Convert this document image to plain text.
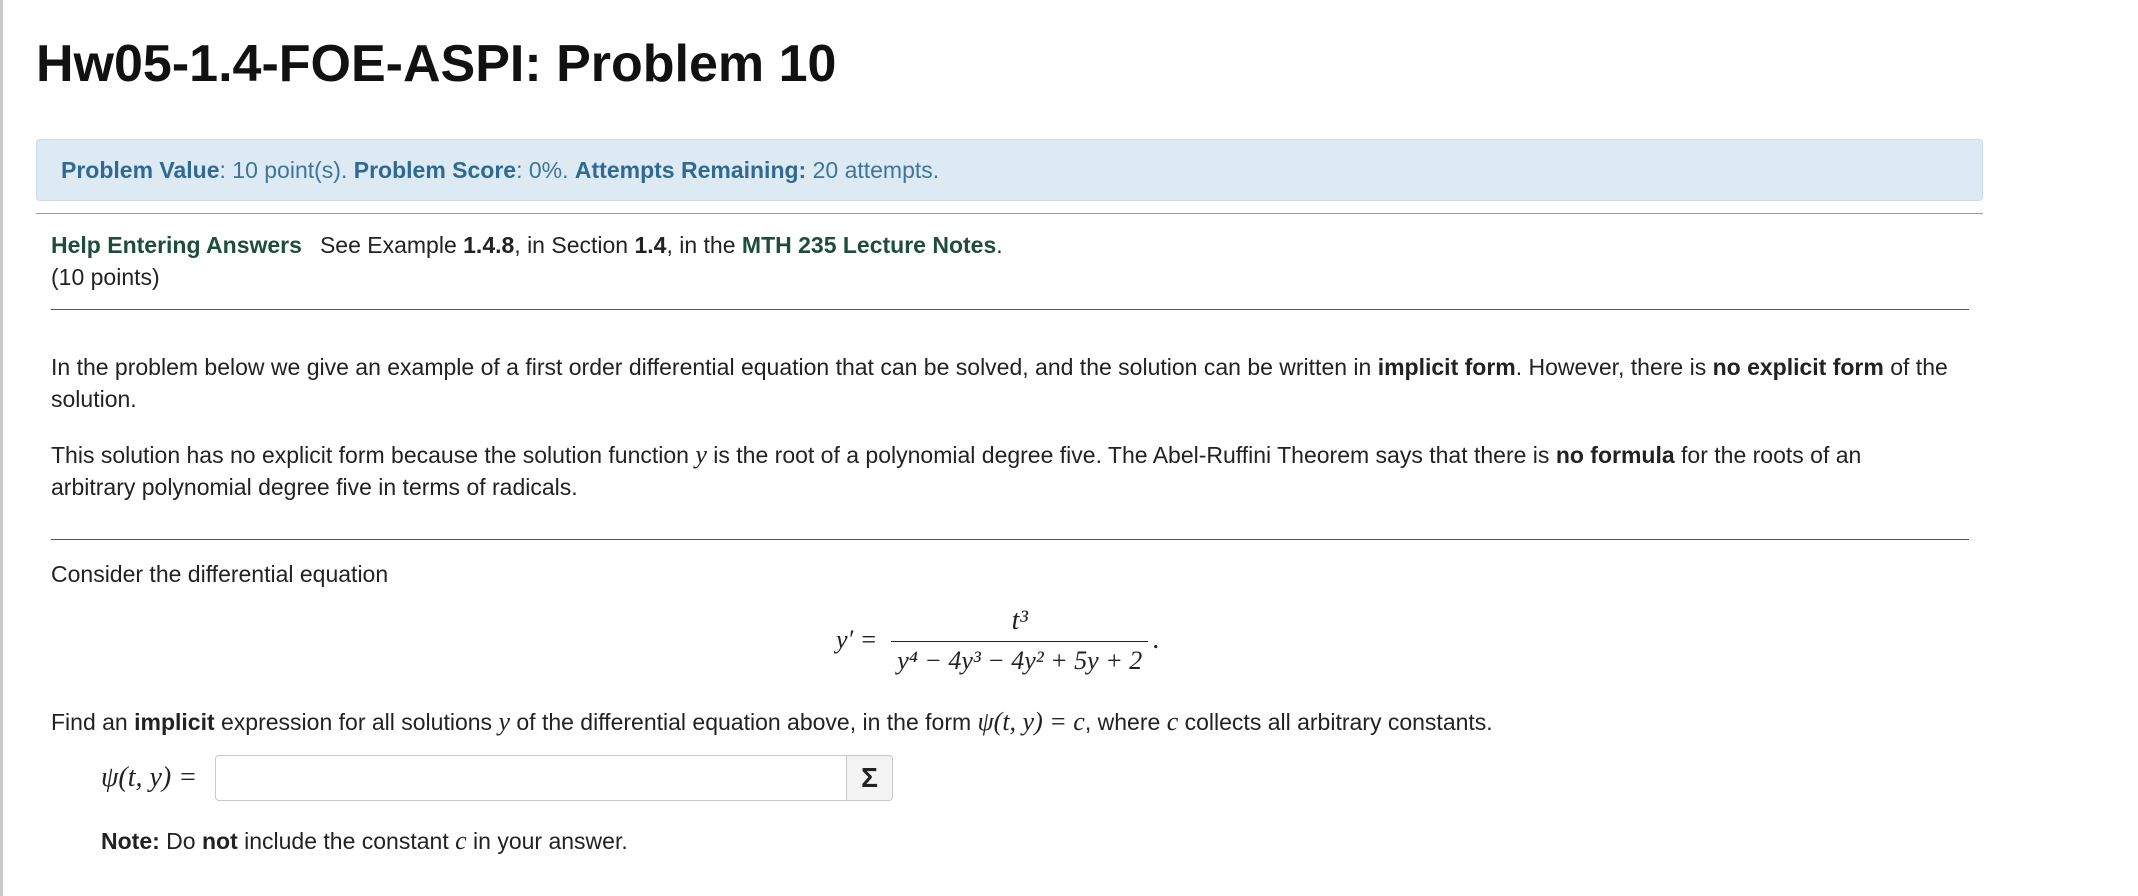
Hw05-1.4-FOE-ASPI: Problem 10
Problem Value: 10 point(s). Problem Score: 0%. Attempts Remaining: 20 attempts.
Help Entering Answers See Example 1.4.8, in Section 1.4, in the MTH 235 Lecture Notes.
(10 points)

In the problem below we give an example of a first order differential equation that can be solved, and the solution can be written in implicit form. However, there is no explicit form of the solution.

This solution has no explicit form because the solution function y is the root of a polynomial degree five. The Abel-Ruffini Theorem says that there is no formula for the roots of an arbitrary polynomial degree five in terms of radicals.

Consider the differential equation

$y' = \frac{\text{t³}}{\text{y⁴ − 4y³ − 4y² + 5y + 2}}$ .

Find an implicit expression for all solutions y of the differential equation above, in the form ψ(t, y) = c, where c collects all arbitrary constants.

ψ(t, y) =	Σ
Note: Do not include the constant c in your answer.
